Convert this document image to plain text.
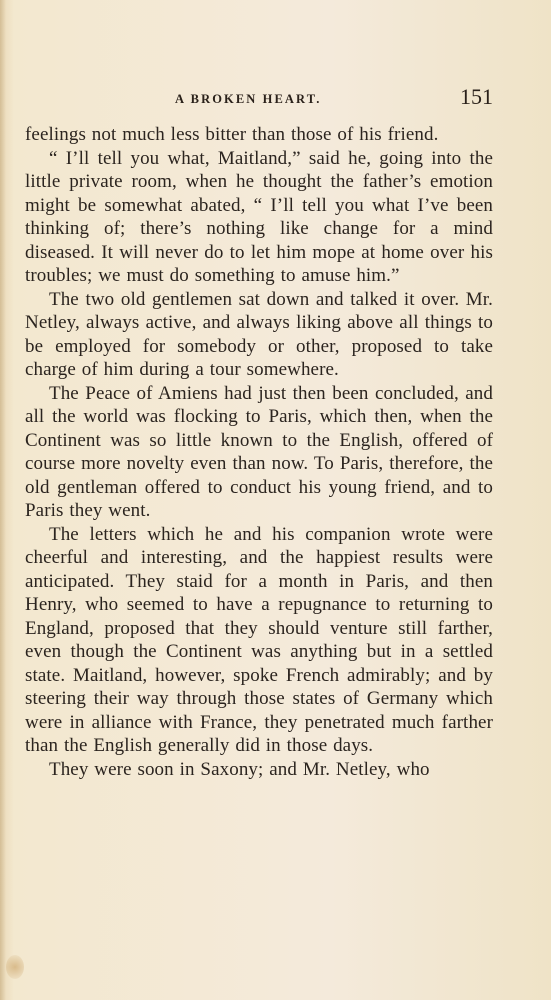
A BROKEN HEART.	151

feelings not much less bitter than those of his friend.

“ I’ll tell you what, Maitland,” said he, going into the little private room, when he thought the father’s emotion might be somewhat abated, “ I’ll tell you what I’ve been thinking of; there’s nothing like change for a mind diseased. It will never do to let him mope at home over his troubles; we must do something to amuse him.”

The two old gentlemen sat down and talked it over. Mr. Netley, always active, and always liking above all things to be employed for somebody or other, proposed to take charge of him during a tour somewhere.

The Peace of Amiens had just then been concluded, and all the world was flocking to Paris, which then, when the Continent was so little known to the English, offered of course more novelty even than now. To Paris, therefore, the old gentleman offered to conduct his young friend, and to Paris they went.

The letters which he and his companion wrote were cheerful and interesting, and the happiest results were anticipated. They staid for a month in Paris, and then Henry, who seemed to have a repugnance to returning to England, proposed that they should venture still farther, even though the Continent was anything but in a settled state. Maitland, however, spoke French admirably; and by steering their way through those states of Germany which were in alliance with France, they penetrated much farther than the English generally did in those days.

They were soon in Saxony; and Mr. Netley, who
